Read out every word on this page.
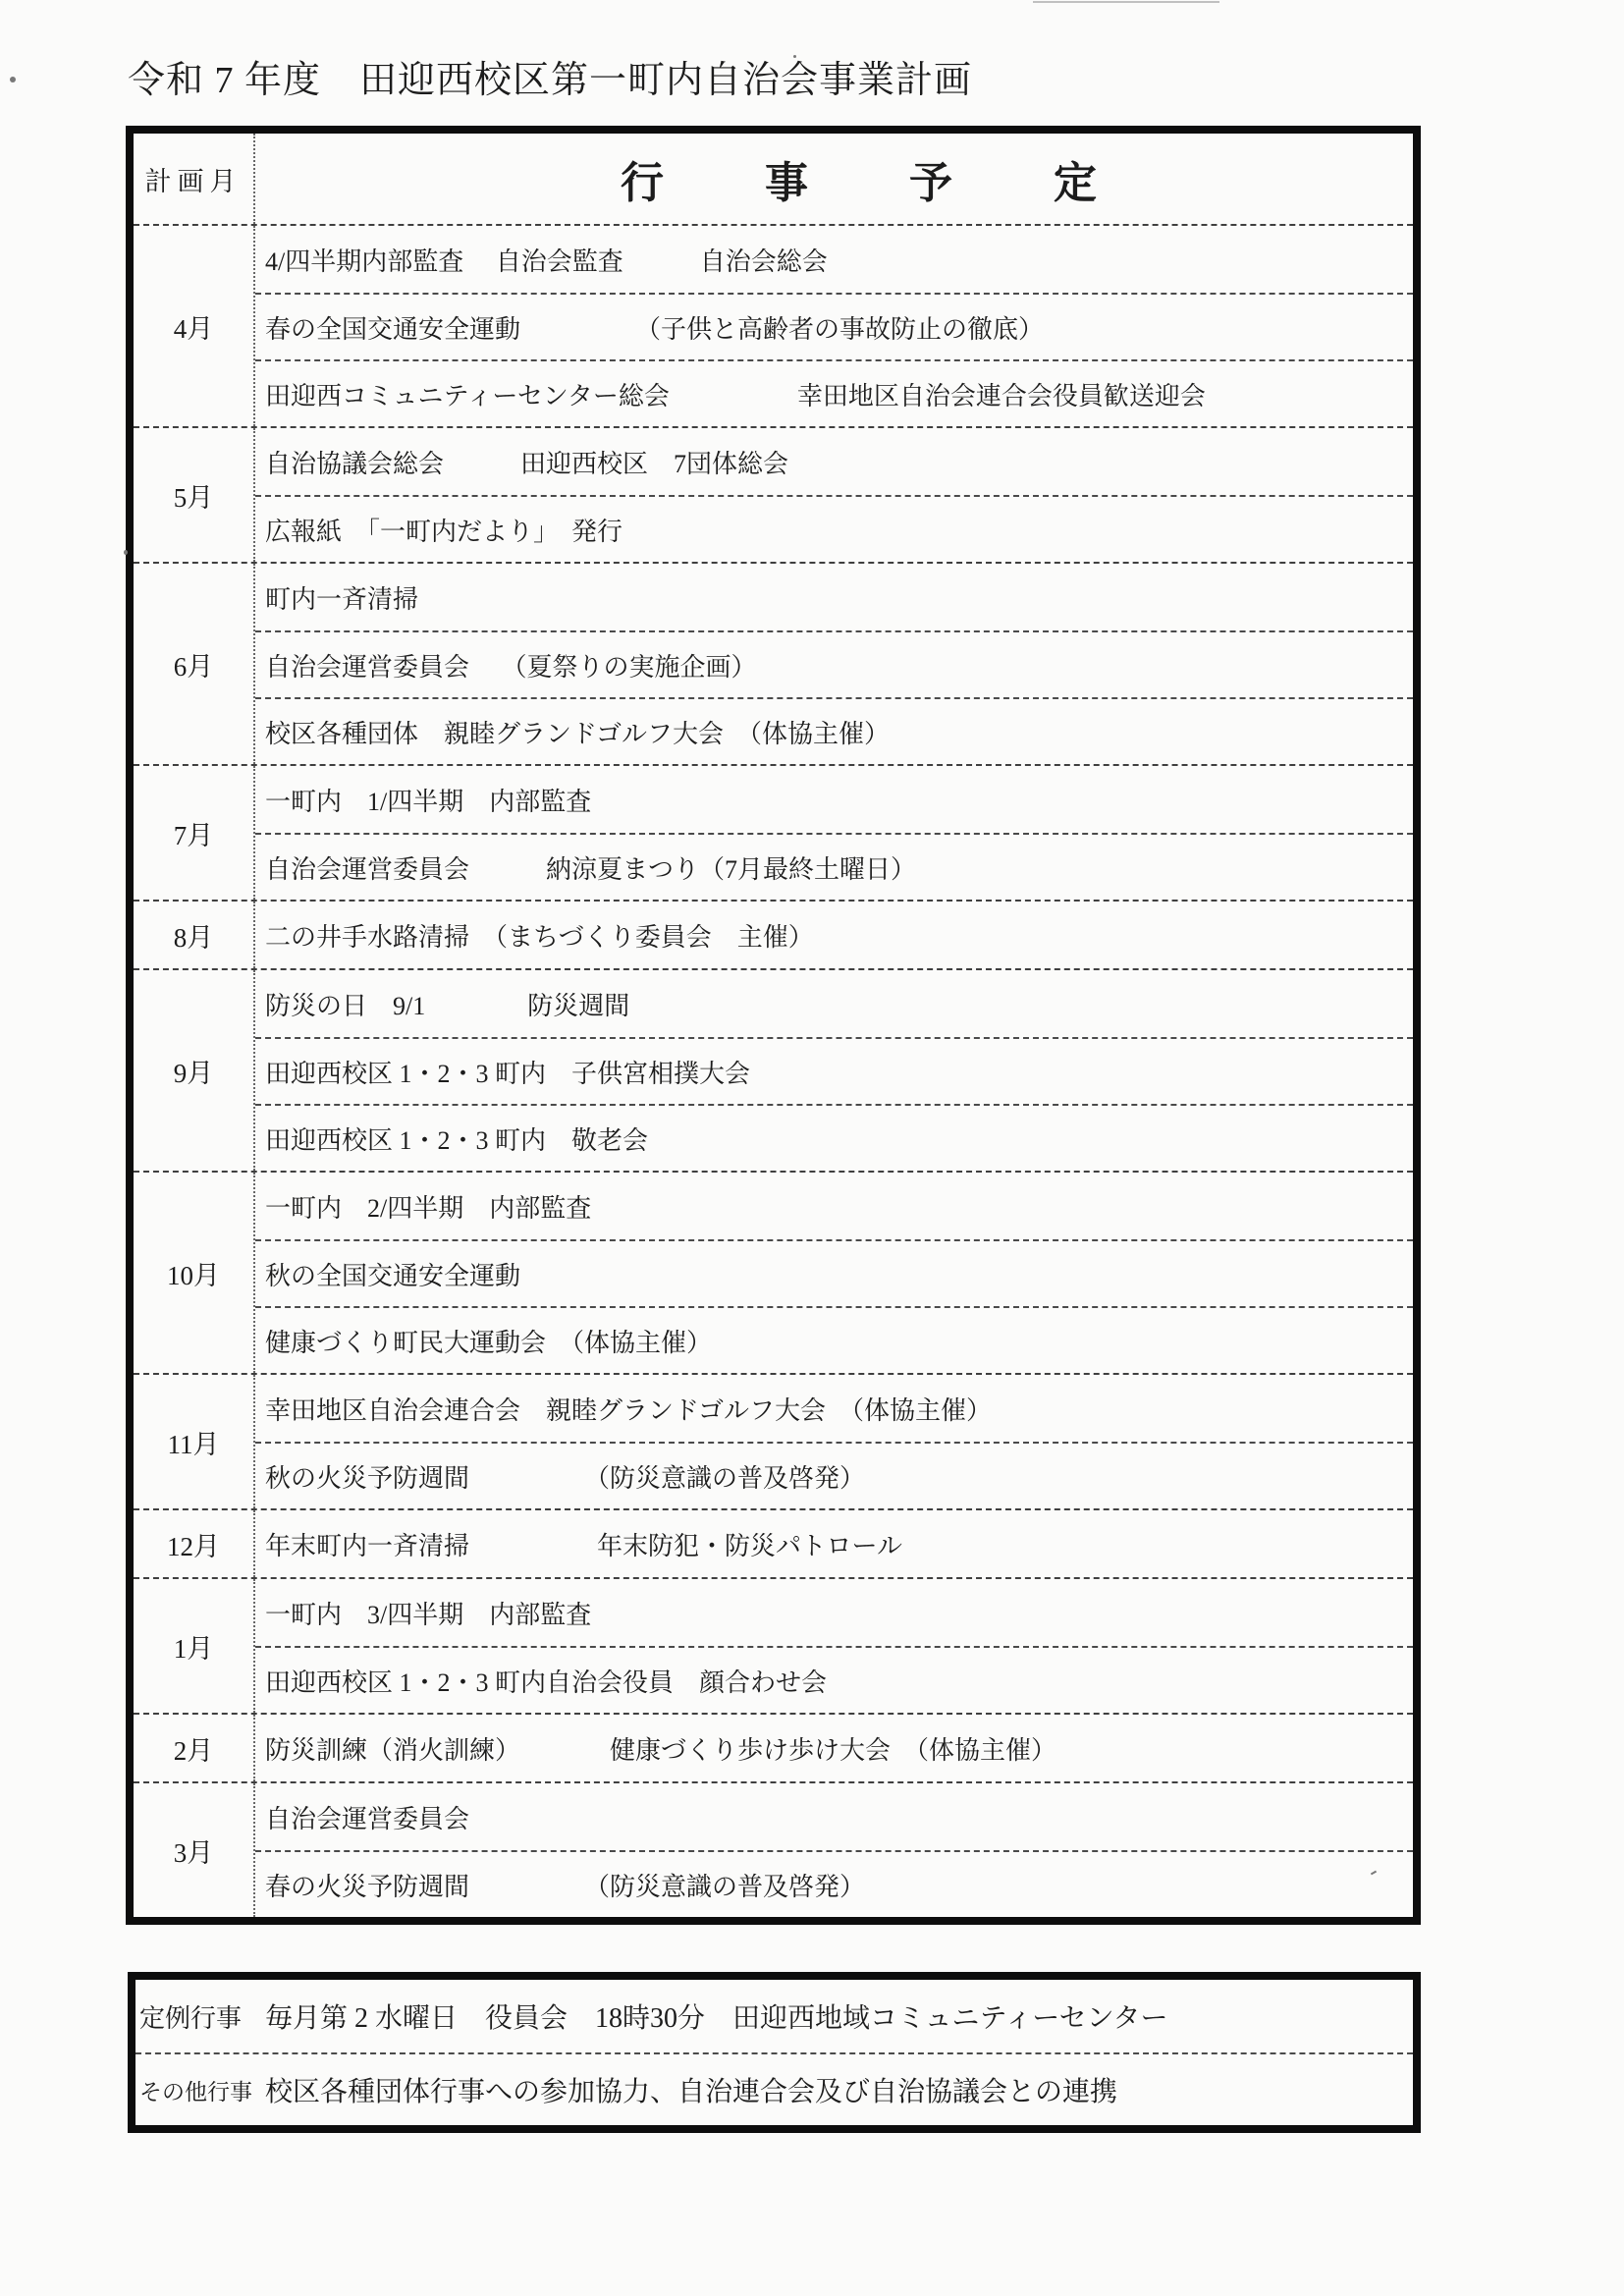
令和 7 年度　田迎西校区第一町内自治会事業計画
計画月	行　　事　　予　　定
4月
4/四半期内部監査　 自治会監査　　　自治会総会
春の全国交通安全運動　　　　　（子供と高齢者の事故防止の徹底）
田迎西コミュニティーセンター総会　　　　　幸田地区自治会連合会役員歓送迎会
5月
自治協議会総会　　　田迎西校区　7団体総会
広報紙　「一町内だより」　発行
6月
町内一斉清掃
自治会運営委員会　 （夏祭りの実施企画）
校区各種団体　親睦グランドゴルフ大会　（体協主催）
7月
一町内　1/四半期　内部監査
自治会運営委員会　　　納涼夏まつり（7月最終土曜日）
8月	二の井手水路清掃　（まちづくり委員会　主催）
9月
防災の日　9/1　　　　防災週間
田迎西校区 1・2・3 町内　子供宮相撲大会
田迎西校区 1・2・3 町内　敬老会
10月
一町内　2/四半期　内部監査
秋の全国交通安全運動
健康づくり町民大運動会　（体協主催）
11月
幸田地区自治会連合会　親睦グランドゴルフ大会　（体協主催）
秋の火災予防週間　　　　　（防災意識の普及啓発）
12月	年末町内一斉清掃　　　　　年末防犯・防災パトロール
1月
一町内　3/四半期　内部監査
田迎西校区 1・2・3 町内自治会役員　顔合わせ会
2月	防災訓練（消火訓練）　　　　健康づくり歩け歩け大会　（体協主催）
3月
自治会運営委員会
春の火災予防週間　　　　　（防災意識の普及啓発）
定例行事 毎月第 2 水曜日　役員会　18時30分　田迎西地域コミュニティーセンター
その他行事 校区各種団体行事への参加協力、自治連合会及び自治協議会との連携
